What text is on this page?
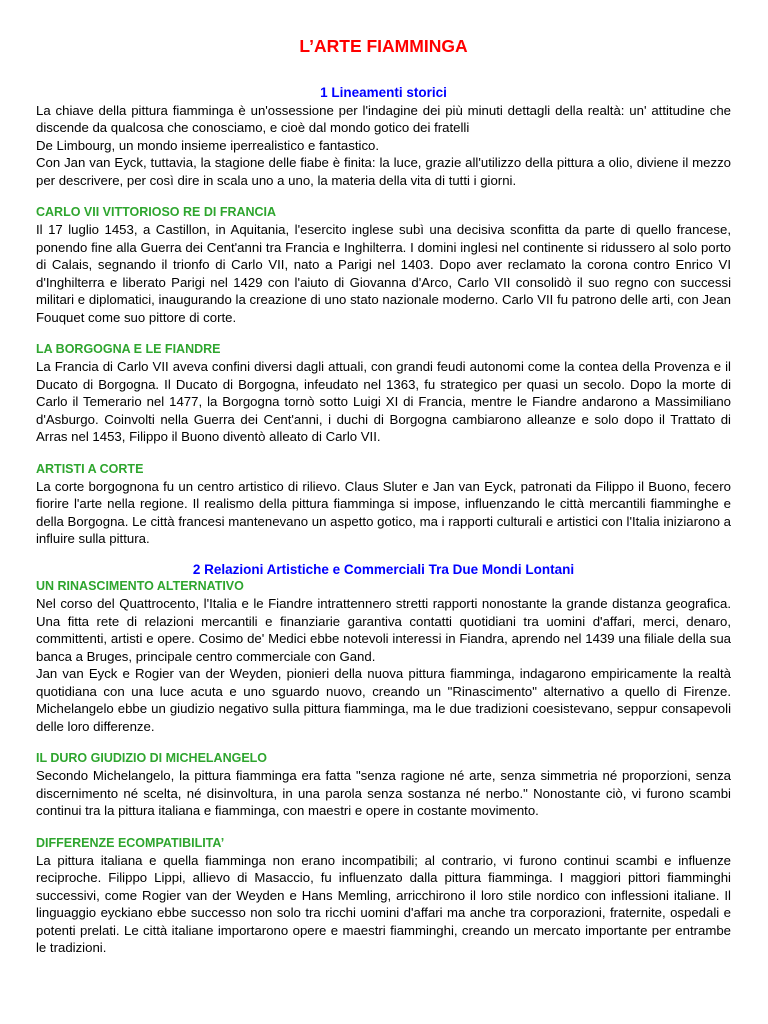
L’ARTE FIAMMINGA
1 Lineamenti storici

La chiave della pittura fiamminga è un'ossessione per l'indagine dei più minuti dettagli della realtà: un' attitudine che discende da qualcosa che conosciamo, e cioè dal mondo gotico dei fratelli

De Limbourg, un mondo insieme iperrealistico e fantastico.

Con Jan van Eyck, tuttavia, la stagione delle fiabe è finita: la luce, grazie all'utilizzo della pittura a olio, diviene il mezzo per descrivere, per così dire in scala uno a uno, la materia della vita di tutti i giorni.

CARLO VII VITTORIOSO RE DI FRANCIA

Il 17 luglio 1453, a Castillon, in Aquitania, l'esercito inglese subì una decisiva sconfitta da parte di quello francese, ponendo fine alla Guerra dei Cent'anni tra Francia e Inghilterra. I domini inglesi nel continente si ridussero al solo porto di Calais, segnando il trionfo di Carlo VII, nato a Parigi nel 1403. Dopo aver reclamato la corona contro Enrico VI d'Inghilterra e liberato Parigi nel 1429 con l'aiuto di Giovanna d'Arco, Carlo VII consolidò il suo regno con successi militari e diplomatici, inaugurando la creazione di uno stato nazionale moderno. Carlo VII fu patrono delle arti, con Jean Fouquet come suo pittore di corte.

LA BORGOGNA E LE FIANDRE

La Francia di Carlo VII aveva confini diversi dagli attuali, con grandi feudi autonomi come la contea della Provenza e il Ducato di Borgogna. Il Ducato di Borgogna, infeudato nel 1363, fu strategico per quasi un secolo. Dopo la morte di Carlo il Temerario nel 1477, la Borgogna tornò sotto Luigi XI di Francia, mentre le Fiandre andarono a Massimiliano d'Asburgo. Coinvolti nella Guerra dei Cent'anni, i duchi di Borgogna cambiarono alleanze e solo dopo il Trattato di Arras nel 1453, Filippo il Buono diventò alleato di Carlo VII.

ARTISTI A CORTE

La corte borgognona fu un centro artistico di rilievo. Claus Sluter e Jan van Eyck, patronati da Filippo il Buono, fecero fiorire l'arte nella regione. Il realismo della pittura fiamminga si impose, influenzando le città mercantili fiamminghe e della Borgogna. Le città francesi mantenevano un aspetto gotico, ma i rapporti culturali e artistici con l'Italia iniziarono a influire sulla pittura.

2 Relazioni Artistiche e Commerciali Tra Due Mondi Lontani
UN RINASCIMENTO ALTERNATIVO

Nel corso del Quattrocento, l'Italia e le Fiandre intrattennero stretti rapporti nonostante la grande distanza geografica. Una fitta rete di relazioni mercantili e finanziarie garantiva contatti quotidiani tra uomini d'affari, merci, denaro, committenti, artisti e opere. Cosimo de' Medici ebbe notevoli interessi in Fiandra, aprendo nel 1439 una filiale della sua banca a Bruges, principale centro commerciale con Gand.

Jan van Eyck e Rogier van der Weyden, pionieri della nuova pittura fiamminga, indagarono empiricamente la realtà quotidiana con una luce acuta e uno sguardo nuovo, creando un "Rinascimento" alternativo a quello di Firenze. Michelangelo ebbe un giudizio negativo sulla pittura fiamminga, ma le due tradizioni coesistevano, seppur consapevoli delle loro differenze.

IL DURO GIUDIZIO DI MICHELANGELO

Secondo Michelangelo, la pittura fiamminga era fatta "senza ragione né arte, senza simmetria né proporzioni, senza discernimento né scelta, né disinvoltura, in una parola senza sostanza né nerbo." Nonostante ciò, vi furono scambi continui tra la pittura italiana e fiamminga, con maestri e opere in costante movimento.

DIFFERENZE ECOMPATIBILITA’

La pittura italiana e quella fiamminga non erano incompatibili; al contrario, vi furono continui scambi e influenze reciproche. Filippo Lippi, allievo di Masaccio, fu influenzato dalla pittura fiamminga. I maggiori pittori fiamminghi successivi, come Rogier van der Weyden e Hans Memling, arricchirono il loro stile nordico con inflessioni italiane. Il linguaggio eyckiano ebbe successo non solo tra ricchi uomini d'affari ma anche tra corporazioni, fraternite, ospedali e potenti prelati. Le città italiane importarono opere e maestri fiamminghi, creando un mercato importante per entrambe le tradizioni.
